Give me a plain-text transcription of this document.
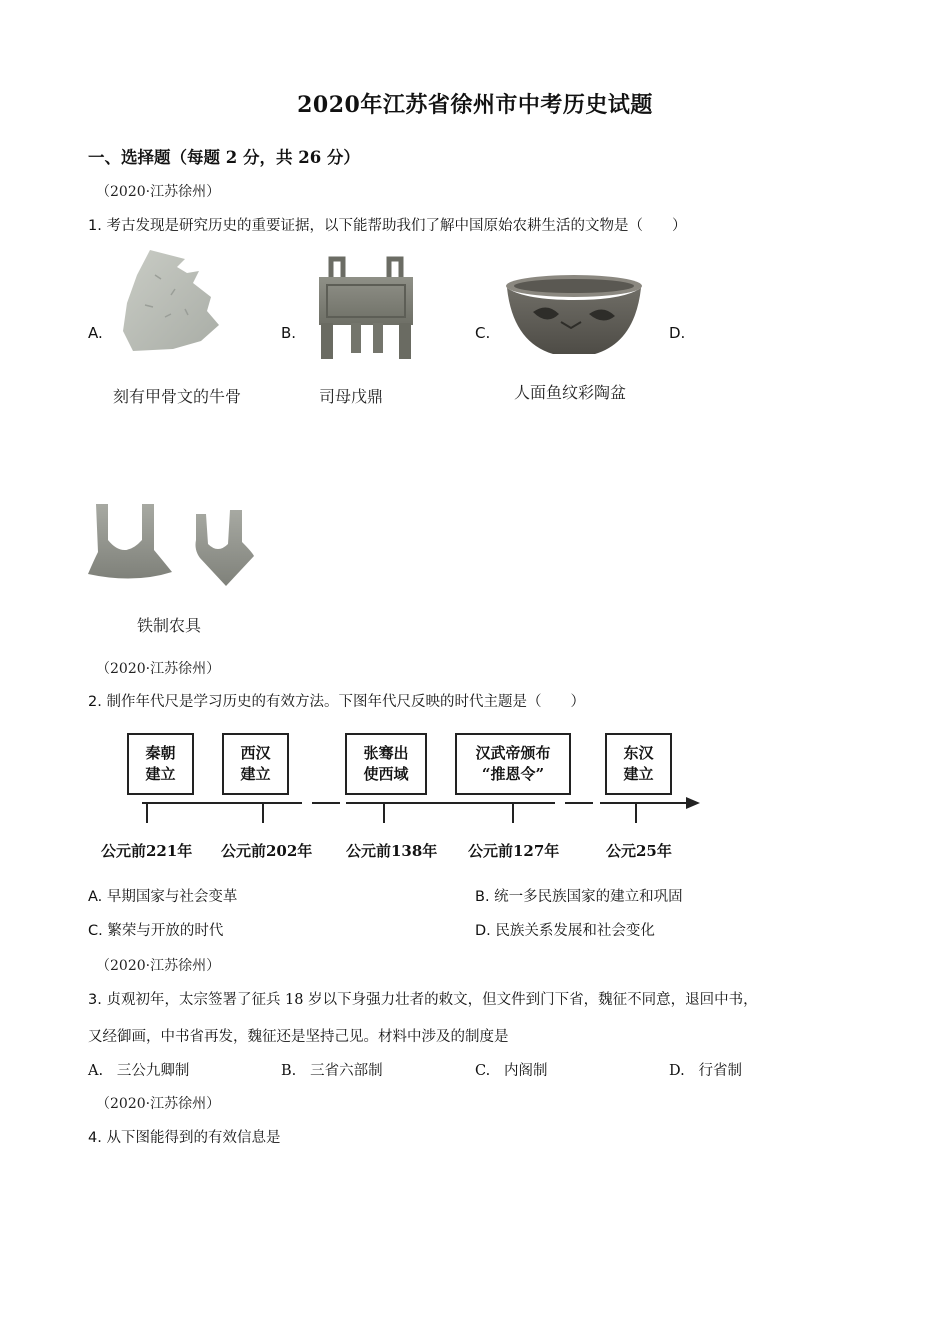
2020年江苏省徐州市中考历史试题
一、选择题（每题 2 分，共 26 分）
（2020·江苏徐州）
1. 考古发现是研究历史的重要证据，以下能帮助我们了解中国原始农耕生活的文物是（　　）
A.	B.	C.	D.
刻有甲骨文的牛骨	司母戊鼎	人面鱼纹彩陶盆
铁制农具
（2020·江苏徐州）
2. 制作年代尺是学习历史的有效方法。下图年代尺反映的时代主题是（　　）
秦朝
建立
西汉
建立
张骞出
使西域
汉武帝颁布
“推恩令”
东汉
建立
公元前221年 公元前202年 公元前138年 公元前127年	公元25年
A. 早期国家与社会变革	B. 统一多民族国家的建立和巩固
C. 繁荣与开放的时代	D. 民族关系发展和社会变化
（2020·江苏徐州）
3. 贞观初年，太宗签署了征兵 18 岁以下身强力壮者的敕文，但文件到门下省，魏征不同意，退回中书，
又经御画，中书省再发，魏征还是坚持己见。材料中涉及的制度是
A. 三公九卿制	B. 三省六部制	C. 内阁制	D. 行省制
（2020·江苏徐州）
4. 从下图能得到的有效信息是
